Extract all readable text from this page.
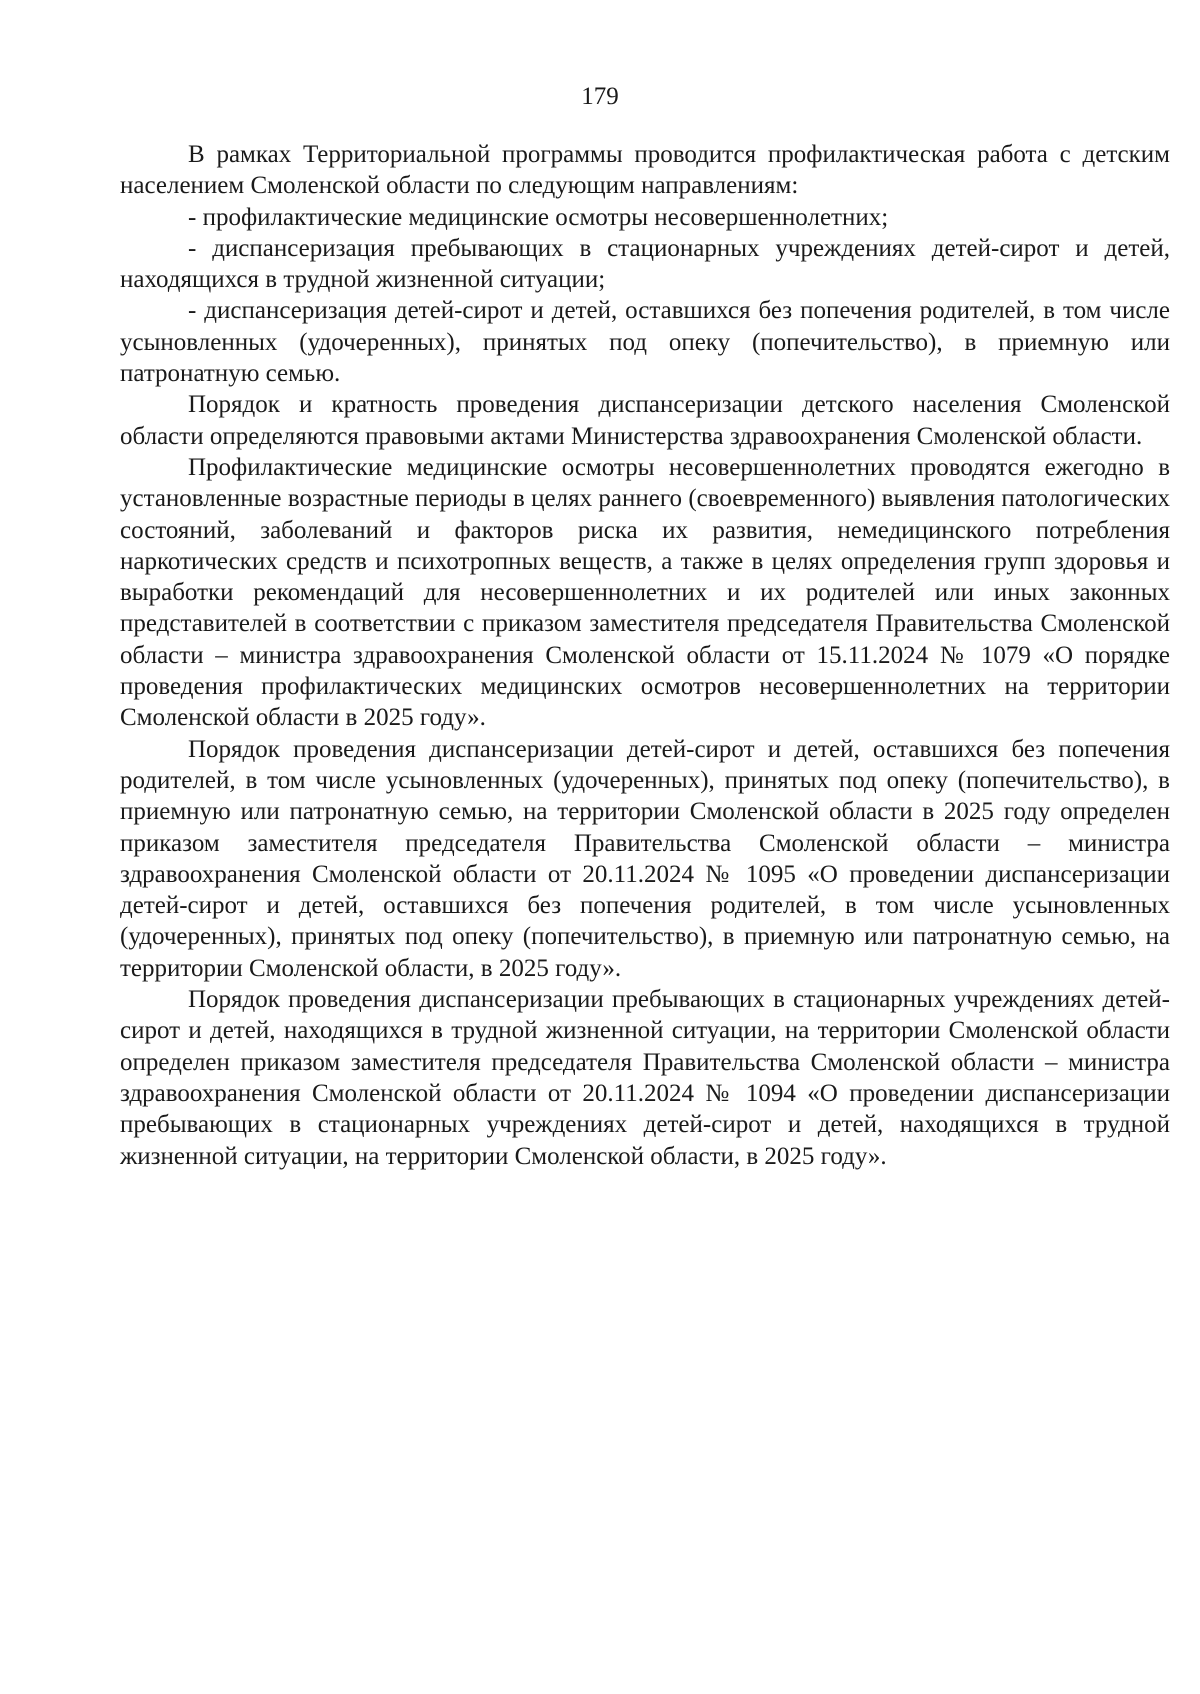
179

В рамках Территориальной программы проводится профилактическая работа с детским населением Смоленской области по следующим направлениям:

- профилактические медицинские осмотры несовершеннолетних;

- диспансеризация пребывающих в стационарных учреждениях детей-сирот и детей, находящихся в трудной жизненной ситуации;

- диспансеризация детей-сирот и детей, оставшихся без попечения родителей, в том числе усыновленных (удочеренных), принятых под опеку (попечительство), в приемную или патронатную семью.

Порядок и кратность проведения диспансеризации детского населения Смоленской области определяются правовыми актами Министерства здравоохранения Смоленской области.

Профилактические медицинские осмотры несовершеннолетних проводятся ежегодно в установленные возрастные периоды в целях раннего (своевременного) выявления патологических состояний, заболеваний и факторов риска их развития, немедицинского потребления наркотических средств и психотропных веществ, а также в целях определения групп здоровья и выработки рекомендаций для несовершеннолетних и их родителей или иных законных представителей в соответствии с приказом заместителя председателя Правительства Смоленской области – министра здравоохранения Смоленской области от 15.11.2024 № 1079 «О порядке проведения профилактических медицинских осмотров несовершеннолетних на территории Смоленской области в 2025 году».

Порядок проведения диспансеризации детей-сирот и детей, оставшихся без попечения родителей, в том числе усыновленных (удочеренных), принятых под опеку (попечительство), в приемную или патронатную семью, на территории Смоленской области в 2025 году определен приказом заместителя председателя Правительства Смоленской области – министра здравоохранения Смоленской области от 20.11.2024 № 1095 «О проведении диспансеризации детей-сирот и детей, оставшихся без попечения родителей, в том числе усыновленных (удочеренных), принятых под опеку (попечительство), в приемную или патронатную семью, на территории Смоленской области, в 2025 году».

Порядок проведения диспансеризации пребывающих в стационарных учреждениях детей-сирот и детей, находящихся в трудной жизненной ситуации, на территории Смоленской области определен приказом заместителя председателя Правительства Смоленской области – министра здравоохранения Смоленской области от 20.11.2024 № 1094 «О проведении диспансеризации пребывающих в стационарных учреждениях детей-сирот и детей, находящихся в трудной жизненной ситуации, на территории Смоленской области, в 2025 году».
